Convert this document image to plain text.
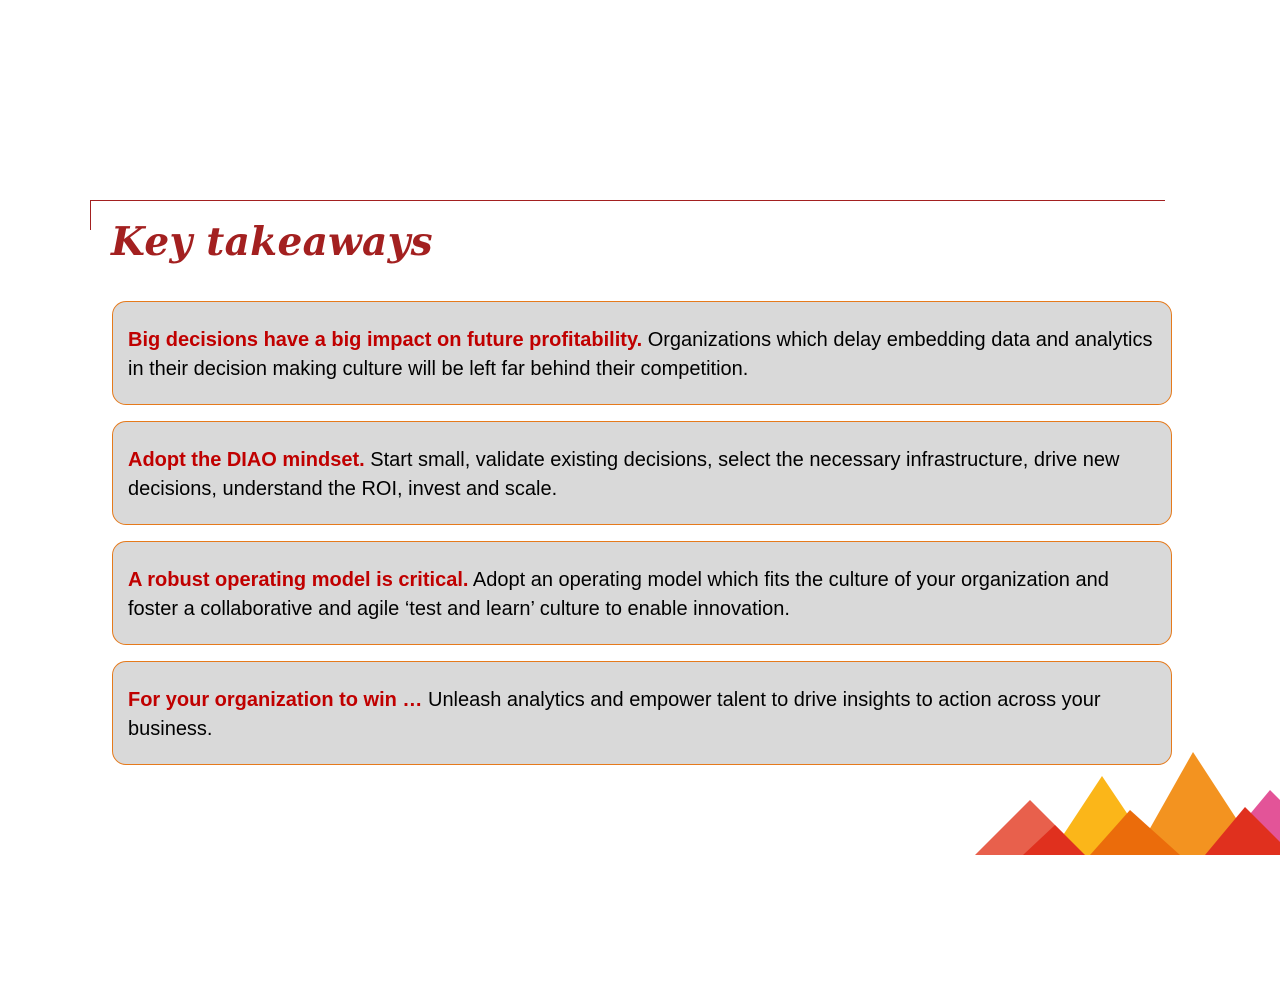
Key takeaways
Big decisions have a big impact on future profitability. Organizations which delay embedding data and analytics in their decision making culture will be left far behind their competition.
Adopt the DIAO mindset. Start small, validate existing decisions, select the necessary infrastructure, drive new decisions, understand the ROI, invest and scale.
A robust operating model is critical. Adopt an operating model which fits the culture of your organization and foster a collaborative and agile ‘test and learn’ culture to enable innovation.
For your organization to win … Unleash analytics and empower talent to drive insights to action across your business.
